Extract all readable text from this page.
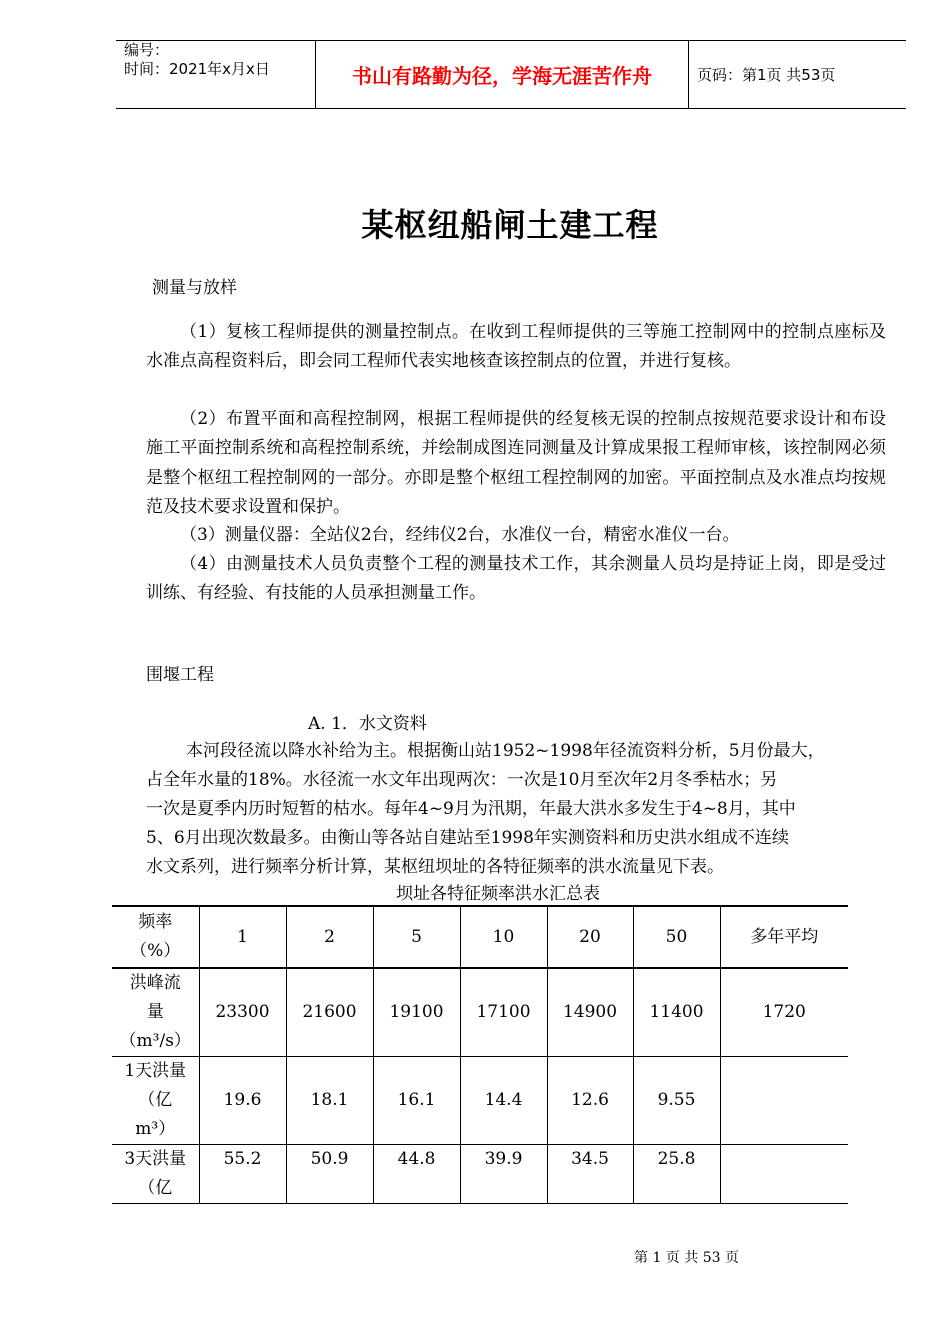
编号：
时间：2021年x月x日	书山有路勤为径，学海无涯苦作舟	页码：第1页 共53页
某枢纽船闸土建工程
测量与放样
（1）复核工程师提供的测量控制点。在收到工程师提供的三等施工控制网中的控制点座标及水准点高程资料后，即会同工程师代表实地核查该控制点的位置，并进行复核。
（2）布置平面和高程控制网，根据工程师提供的经复核无误的控制点按规范要求设计和布设施工平面控制系统和高程控制系统，并绘制成图连同测量及计算成果报工程师审核，该控制网必须是整个枢纽工程控制网的一部分。亦即是整个枢纽工程控制网的加密。平面控制点及水准点均按规范及技术要求设置和保护。
（3）测量仪器：全站仪2台，经纬仪2台，水准仪一台，精密水准仪一台。
（4）由测量技术人员负责整个工程的测量技术工作，其余测量人员均是持证上岗，即是受过训练、有经验、有技能的人员承担测量工作。
围堰工程
A. 1．水文资料
本河段径流以降水补给为主。根据衡山站1952~1998年径流资料分析，5月份最大，
占全年水量的18%。水径流一水文年出现两次：一次是10月至次年2月冬季枯水；另
一次是夏季内历时短暂的枯水。每年4~9月为汛期，年最大洪水多发生于4~8月，其中
5、6月出现次数最多。由衡山等各站自建站至1998年实测资料和历史洪水组成不连续
水文系列，进行频率分析计算，某枢纽坝址的各特征频率的洪水流量见下表。
坝址各特征频率洪水汇总表
频率
（%）	1	2	5	10	20	50	多年平均

洪峰流
量
（m³/s）	23300	21600	19100	17100	14900	11400	1720

1天洪量
（亿
m³）	19.6	18.1	16.1	14.4	12.6	9.55	

3天洪量
（亿	55.2	50.9	44.8	39.9	34.5	25.8	
第 1 页 共 53 页
